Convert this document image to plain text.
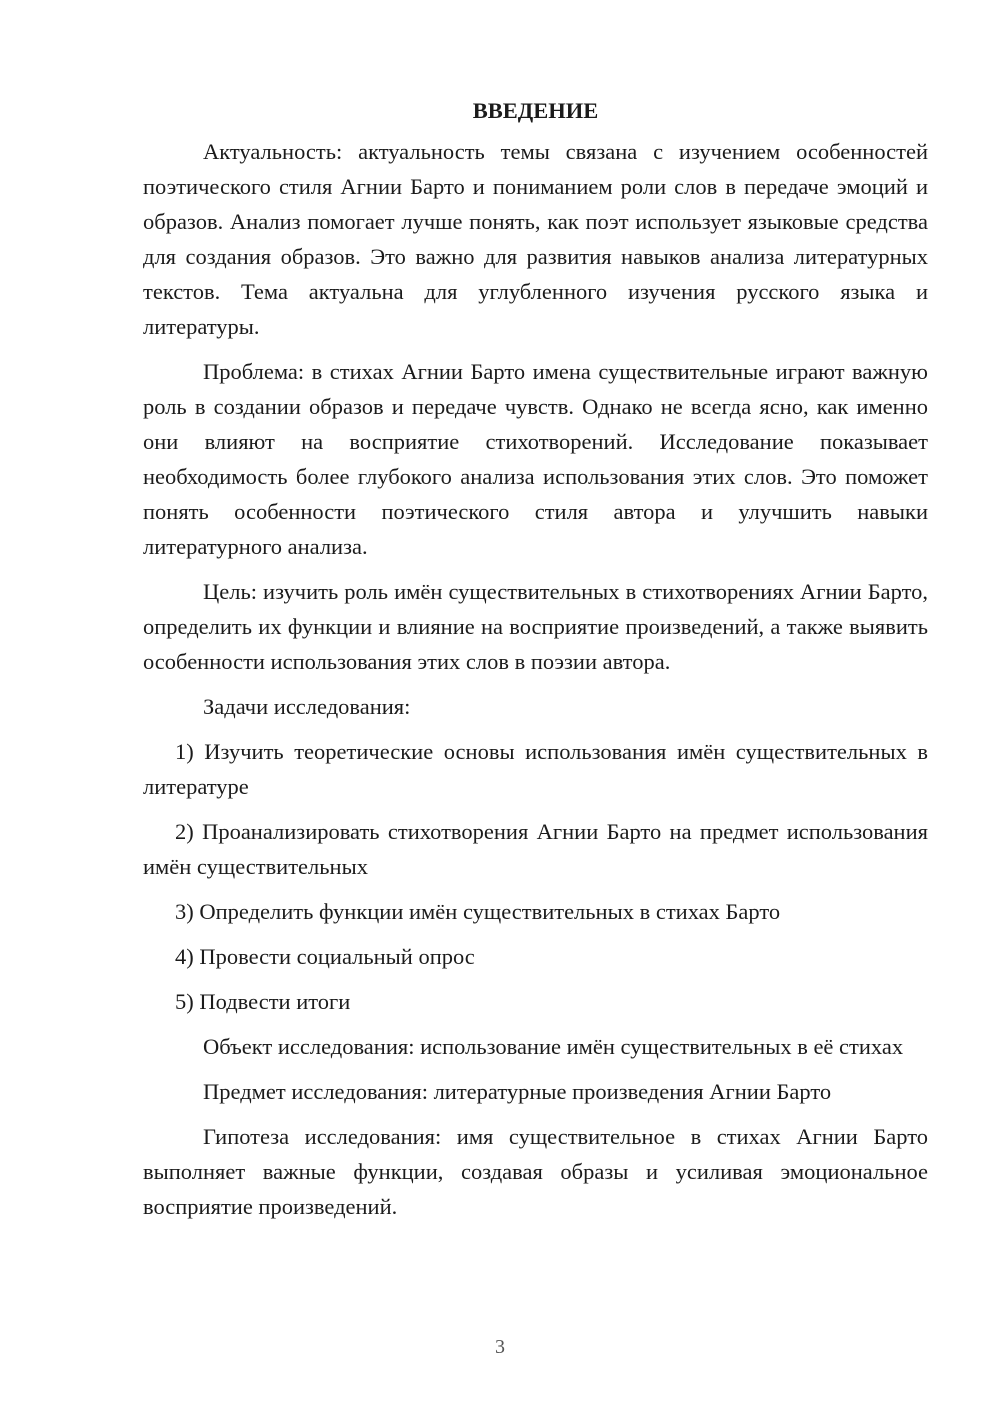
ВВЕДЕНИЕ

Актуальность: актуальность темы связана с изучением особенностей поэтического стиля Агнии Барто и пониманием роли слов в передаче эмоций и образов. Анализ помогает лучше понять, как поэт использует языковые средства для создания образов. Это важно для развития навыков анализа литературных текстов. Тема актуальна для углубленного изучения русского языка и литературы.

Проблема: в стихах Агнии Барто имена существительные играют важную роль в создании образов и передаче чувств. Однако не всегда ясно, как именно они влияют на восприятие стихотворений. Исследование показывает необходимость более глубокого анализа использования этих слов. Это поможет понять особенности поэтического стиля автора и улучшить навыки литературного анализа.

Цель: изучить роль имён существительных в стихотворениях Агнии Барто, определить их функции и влияние на восприятие произведений, а также выявить особенности использования этих слов в поэзии автора.

Задачи исследования:

1) Изучить теоретические основы использования имён существительных в литературе

2) Проанализировать стихотворения Агнии Барто на предмет использования имён существительных

3) Определить функции имён существительных в стихах Барто

4) Провести социальный опрос

5) Подвести итоги

Объект исследования: использование имён существительных в её стихах

Предмет исследования: литературные произведения Агнии Барто

Гипотеза исследования: имя существительное в стихах Агнии Барто выполняет важные функции, создавая образы и усиливая эмоциональное восприятие произведений.

3
